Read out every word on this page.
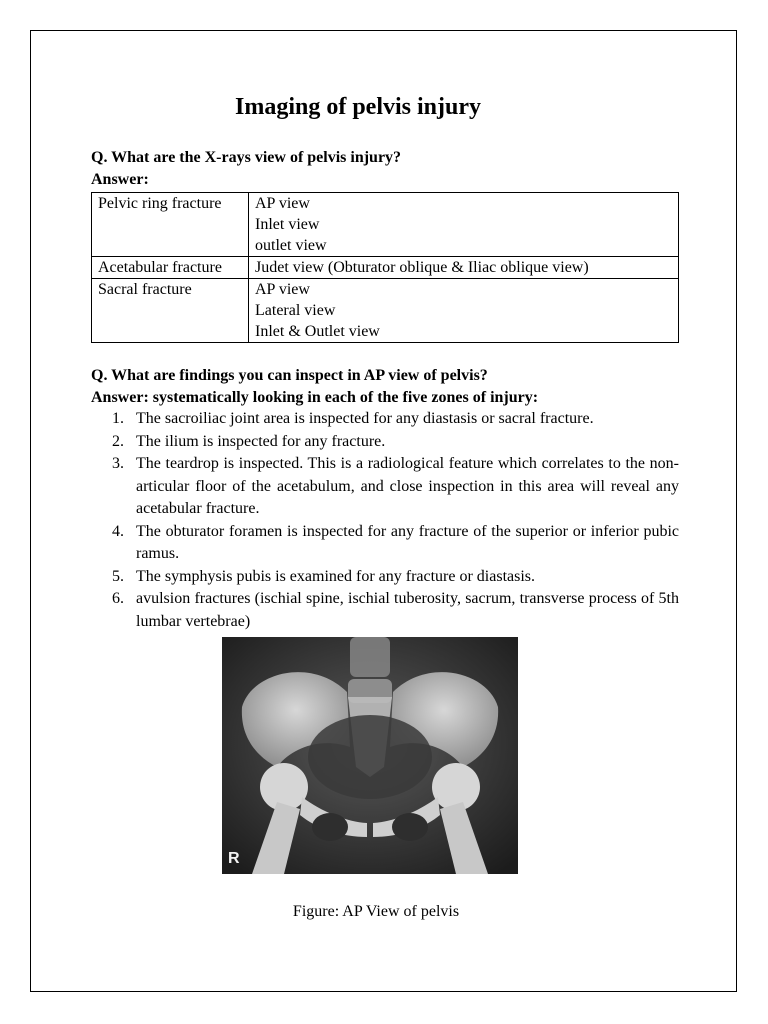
Imaging of pelvis injury
Q. What are the X-rays view of pelvis injury?
Answer:
Pelvic ring fracture	AP view
Inlet view
outlet view

Acetabular fracture	Judet view (Obturator oblique & Iliac oblique view)

Sacral fracture	AP view
Lateral view
Inlet & Outlet view
Q. What are findings you can inspect in AP view of pelvis?
Answer: systematically looking in each of the five zones of injury:
1. The sacroiliac joint area is inspected for any diastasis or sacral fracture.
2. The ilium is inspected for any fracture.
3. The teardrop is inspected. This is a radiological feature which correlates to the non-articular floor of the acetabulum, and close inspection in this area will reveal any acetabular fracture.
4. The obturator foramen is inspected for any fracture of the superior or inferior pubic ramus.
5. The symphysis pubis is examined for any fracture or diastasis.
6. avulsion fractures (ischial spine, ischial tuberosity, sacrum, transverse process of 5th lumbar vertebrae)
R
Figure: AP View of pelvis
